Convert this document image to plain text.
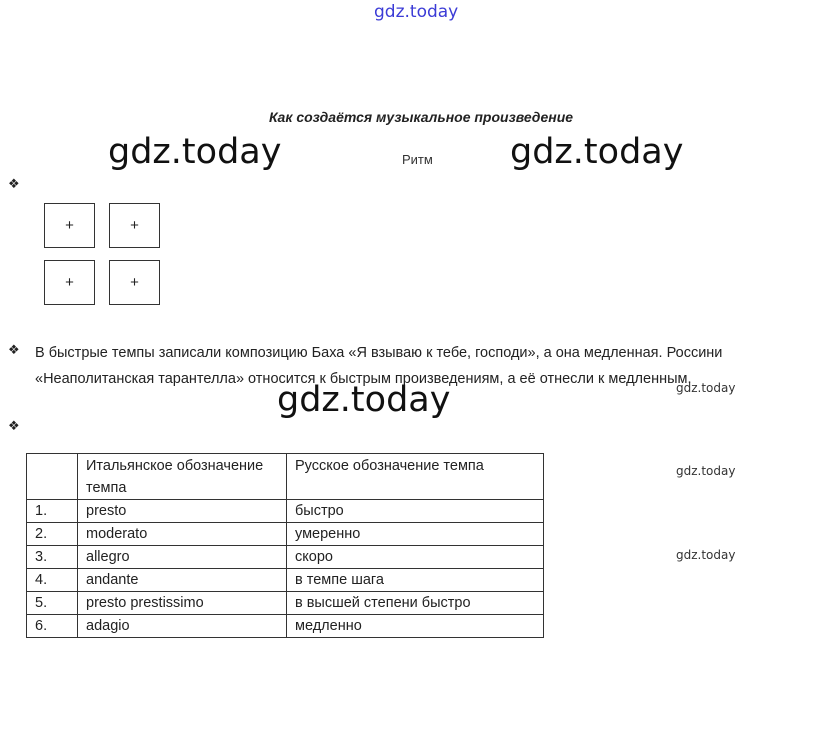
gdz.today
Как создаётся музыкальное произведение
gdz.today	gdz.today
Ритм
❖
+	+
+	+
❖ В быстрые темпы записали композицию Баха «Я взываю к тебе, господи», а она медленная. Россини «Неаполитанская тарантелла» относится к быстрым произведениям, а её отнесли к медленным.
gdz.today	gdz.today
❖
	Итальянское обозначение темпа	Русское обозначение темпа
1.	presto	быстро
2.	moderato	умеренно
3.	allegro	скоро
4.	andante	в темпе шага
5.	presto prestissimo	в высшей степени быстро
6.	adagio	медленно
gdz.today
gdz.today
